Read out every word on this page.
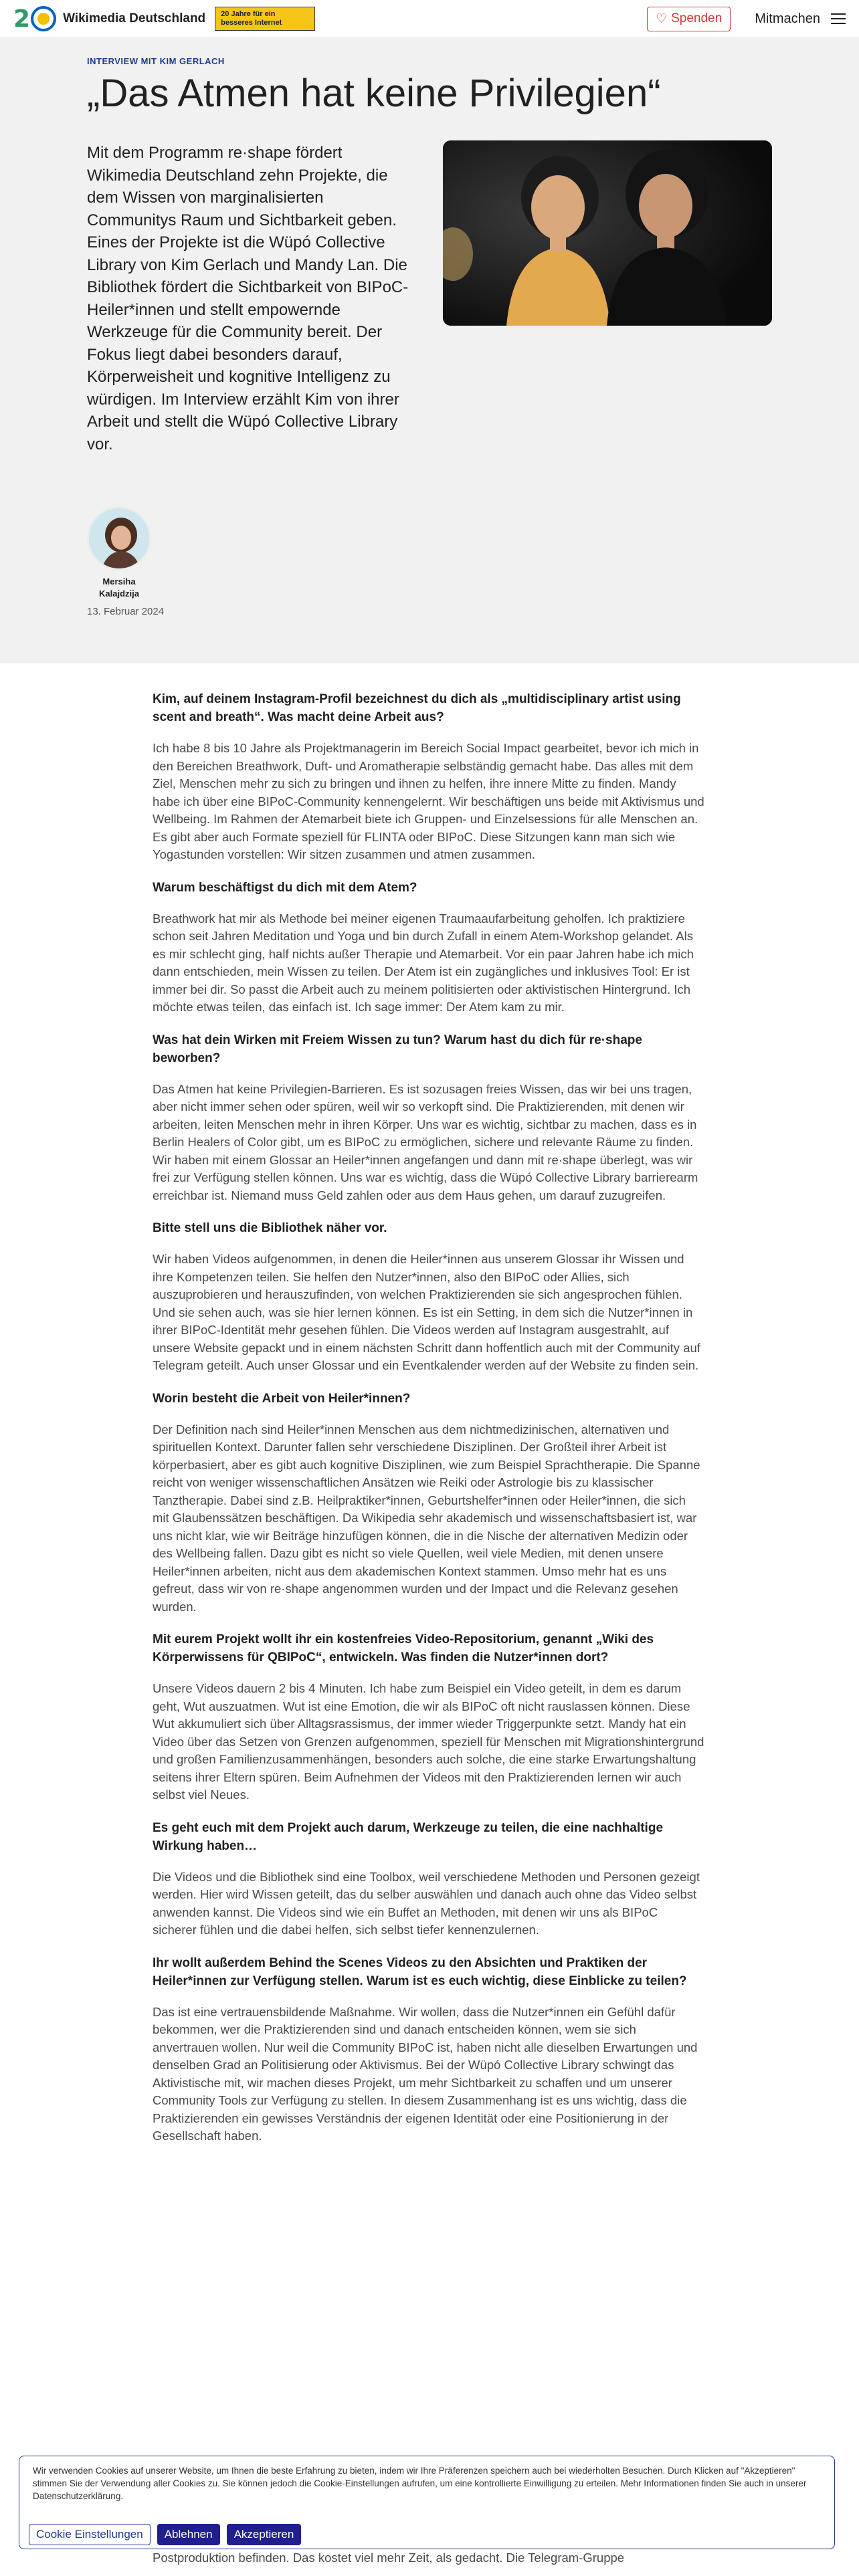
INTERVIEW MIT KIM GERLACH
„Das Atmen hat keine Privilegien“

Mit dem Programm re·shape fördert Wikimedia Deutschland zehn Projekte, die dem Wissen von marginalisierten Communitys Raum und Sichtbarkeit geben. Eines der Projekte ist die Wüpó Collective Library von Kim Gerlach und Mandy Lan. Die Bibliothek fördert die Sichtbarkeit von BIPoC-Heiler*innen und stellt empowernde Werkzeuge für die Community bereit. Der Fokus liegt dabei besonders darauf, Körperweisheit und kognitive Intelligenz zu würdigen. Im Interview erzählt Kim von ihrer Arbeit und stellt die Wüpó Collective Library vor.

Mersiha Kalajdzija
13. Februar 2024
2	Wikimedia Deutschland	20 Jahre für ein besseres Internet	♡ Spenden Mitmachen

Kim, auf deinem Instagram-Profil bezeichnest du dich als „multidisciplinary artist using scent and breath“. Was macht deine Arbeit aus?

Ich habe 8 bis 10 Jahre als Projektmanagerin im Bereich Social Impact gearbeitet, bevor ich mich in den Bereichen Breathwork, Duft- und Aromatherapie selbständig gemacht habe. Das alles mit dem Ziel, Menschen mehr zu sich zu bringen und ihnen zu helfen, ihre innere Mitte zu finden. Mandy habe ich über eine BIPoC-Community kennengelernt. Wir beschäftigen uns beide mit Aktivismus und Wellbeing. Im Rahmen der Atemarbeit biete ich Gruppen- und Einzelsessions für alle Menschen an. Es gibt aber auch Formate speziell für FLINTA oder BIPoC. Diese Sitzungen kann man sich wie Yogastunden vorstellen: Wir sitzen zusammen und atmen zusammen.

Warum beschäftigst du dich mit dem Atem?

Breathwork hat mir als Methode bei meiner eigenen Traumaaufarbeitung geholfen. Ich praktiziere schon seit Jahren Meditation und Yoga und bin durch Zufall in einem Atem-Workshop gelandet. Als es mir schlecht ging, half nichts außer Therapie und Atemarbeit. Vor ein paar Jahren habe ich mich dann entschieden, mein Wissen zu teilen. Der Atem ist ein zugängliches und inklusives Tool: Er ist immer bei dir. So passt die Arbeit auch zu meinem politisierten oder aktivistischen Hintergrund. Ich möchte etwas teilen, das einfach ist. Ich sage immer: Der Atem kam zu mir.

Was hat dein Wirken mit Freiem Wissen zu tun? Warum hast du dich für re·shape beworben?

Das Atmen hat keine Privilegien-Barrieren. Es ist sozusagen freies Wissen, das wir bei uns tragen, aber nicht immer sehen oder spüren, weil wir so verkopft sind. Die Praktizierenden, mit denen wir arbeiten, leiten Menschen mehr in ihren Körper. Uns war es wichtig, sichtbar zu machen, dass es in Berlin Healers of Color gibt, um es BIPoC zu ermöglichen, sichere und relevante Räume zu finden. Wir haben mit einem Glossar an Heiler*innen angefangen und dann mit re·shape überlegt, was wir frei zur Verfügung stellen können. Uns war es wichtig, dass die Wüpó Collective Library barrierearm erreichbar ist. Niemand muss Geld zahlen oder aus dem Haus gehen, um darauf zuzugreifen.

Bitte stell uns die Bibliothek näher vor.

Wir haben Videos aufgenommen, in denen die Heiler*innen aus unserem Glossar ihr Wissen und ihre Kompetenzen teilen. Sie helfen den Nutzer*innen, also den BIPoC oder Allies, sich auszuprobieren und herauszufinden, von welchen Praktizierenden sie sich angesprochen fühlen. Und sie sehen auch, was sie hier lernen können. Es ist ein Setting, in dem sich die Nutzer*innen in ihrer BIPoC-Identität mehr gesehen fühlen. Die Videos werden auf Instagram ausgestrahlt, auf unsere Website gepackt und in einem nächsten Schritt dann hoffentlich auch mit der Community auf Telegram geteilt. Auch unser Glossar und ein Eventkalender werden auf der Website zu finden sein.

Worin besteht die Arbeit von Heiler*innen?

Der Definition nach sind Heiler*innen Menschen aus dem nichtmedizinischen, alternativen und spirituellen Kontext. Darunter fallen sehr verschiedene Disziplinen. Der Großteil ihrer Arbeit ist körperbasiert, aber es gibt auch kognitive Disziplinen, wie zum Beispiel Sprachtherapie. Die Spanne reicht von weniger wissenschaftlichen Ansätzen wie Reiki oder Astrologie bis zu klassischer Tanztherapie. Dabei sind z.B. Heilpraktiker*innen, Geburtshelfer*innen oder Heiler*innen, die sich mit Glaubenssätzen beschäftigen. Da Wikipedia sehr akademisch und wissenschaftsbasiert ist, war uns nicht klar, wie wir Beiträge hinzufügen können, die in die Nische der alternativen Medizin oder des Wellbeing fallen. Dazu gibt es nicht so viele Quellen, weil viele Medien, mit denen unsere Heiler*innen arbeiten, nicht aus dem akademischen Kontext stammen. Umso mehr hat es uns gefreut, dass wir von re·shape angenommen wurden und der Impact und die Relevanz gesehen wurden.

Mit eurem Projekt wollt ihr ein kostenfreies Video-Repositorium, genannt „Wiki des Körperwissens für QBIPoC“, entwickeln. Was finden die Nutzer*innen dort?

Unsere Videos dauern 2 bis 4 Minuten. Ich habe zum Beispiel ein Video geteilt, in dem es darum geht, Wut auszuatmen. Wut ist eine Emotion, die wir als BIPoC oft nicht rauslassen können. Diese Wut akkumuliert sich über Alltagsrassismus, der immer wieder Triggerpunkte setzt. Mandy hat ein Video über das Setzen von Grenzen aufgenommen, speziell für Menschen mit Migrationshintergrund und großen Familienzusammenhängen, besonders auch solche, die eine starke Erwartungshaltung seitens ihrer Eltern spüren. Beim Aufnehmen der Videos mit den Praktizierenden lernen wir auch selbst viel Neues.

Es geht euch mit dem Projekt auch darum, Werkzeuge zu teilen, die eine nachhaltige Wirkung haben…

Die Videos und die Bibliothek sind eine Toolbox, weil verschiedene Methoden und Personen gezeigt werden. Hier wird Wissen geteilt, das du selber auswählen und danach auch ohne das Video selbst anwenden kannst. Die Videos sind wie ein Buffet an Methoden, mit denen wir uns als BIPoC sicherer fühlen und die dabei helfen, sich selbst tiefer kennenzulernen.

Ihr wollt außerdem Behind the Scenes Videos zu den Absichten und Praktiken der Heiler*innen zur Verfügung stellen. Warum ist es euch wichtig, diese Einblicke zu teilen?

Das ist eine vertrauensbildende Maßnahme. Wir wollen, dass die Nutzer*innen ein Gefühl dafür bekommen, wer die Praktizierenden sind und danach entscheiden können, wem sie sich anvertrauen wollen. Nur weil die Community BIPoC ist, haben nicht alle dieselben Erwartungen und denselben Grad an Politisierung oder Aktivismus. Bei der Wüpó Collective Library schwingt das Aktivistische mit, wir machen dieses Projekt, um mehr Sichtbarkeit zu schaffen und um unserer Community Tools zur Verfügung zu stellen. In diesem Zusammenhang ist es uns wichtig, dass die Praktizierenden ein gewisses Verständnis der eigenen Identität oder eine Positionierung in der Gesellschaft haben.

Postproduktion befinden. Das kostet viel mehr Zeit, als gedacht. Die Telegram-Gruppe

Wir verwenden Cookies auf unserer Website, um Ihnen die beste Erfahrung zu bieten, indem wir Ihre Präferenzen speichern auch bei wiederholten Besuchen. Durch Klicken auf "Akzeptieren" stimmen Sie der Verwendung aller Cookies zu. Sie können jedoch die Cookie-Einstellungen aufrufen, um eine kontrollierte Einwilligung zu erteilen. Mehr Informationen finden Sie auch in unserer Datenschutzerklärung.

Cookie Einstellungen	Ablehnen	Akzeptieren
